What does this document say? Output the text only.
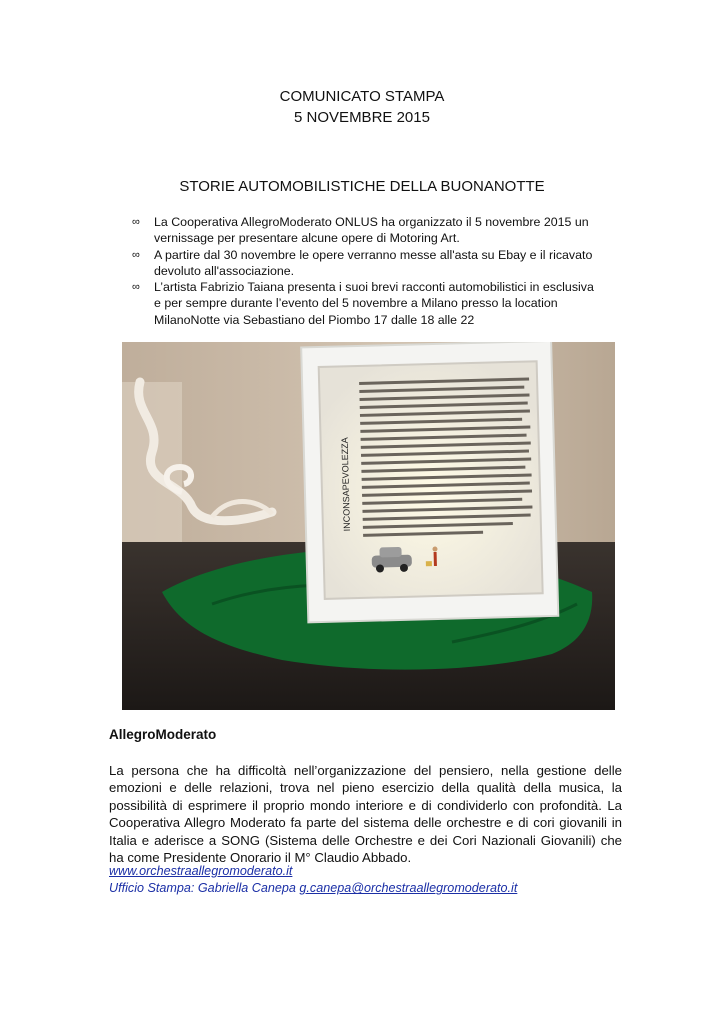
COMUNICATO STAMPA
5 NOVEMBRE 2015
STORIE AUTOMOBILISTICHE DELLA BUONANOTTE
∞ La Cooperativa AllegroModerato ONLUS ha organizzato il 5 novembre 2015 un vernissage per presentare alcune opere di Motoring Art.
∞ A partire dal 30 novembre le opere verranno messe all'asta su Ebay e il ricavato devoluto all'associazione.
∞ L’artista Fabrizio Taiana presenta i suoi brevi racconti automobilistici in esclusiva e per sempre durante l’evento del 5 novembre a Milano presso la location MilanoNotte via Sebastiano del Piombo 17 dalle 18 alle 22
INCONSAPEVOLEZZA
AllegroModerato
La persona che ha difficoltà nell’organizzazione del pensiero, nella gestione delle emozioni e delle relazioni, trova nel pieno esercizio della qualità della musica, la possibilità di esprimere il proprio mondo interiore e di condividerlo con profondità. La Cooperativa Allegro Moderato fa parte del sistema delle orchestre e di cori giovanili in Italia e aderisce a SONG (Sistema delle Orchestre e dei Cori Nazionali Giovanili) che ha come Presidente Onorario il M° Claudio Abbado.
www.orchestraallegromoderato.it
Ufficio Stampa: Gabriella Canepa g.canepa@orchestraallegromoderato.it
